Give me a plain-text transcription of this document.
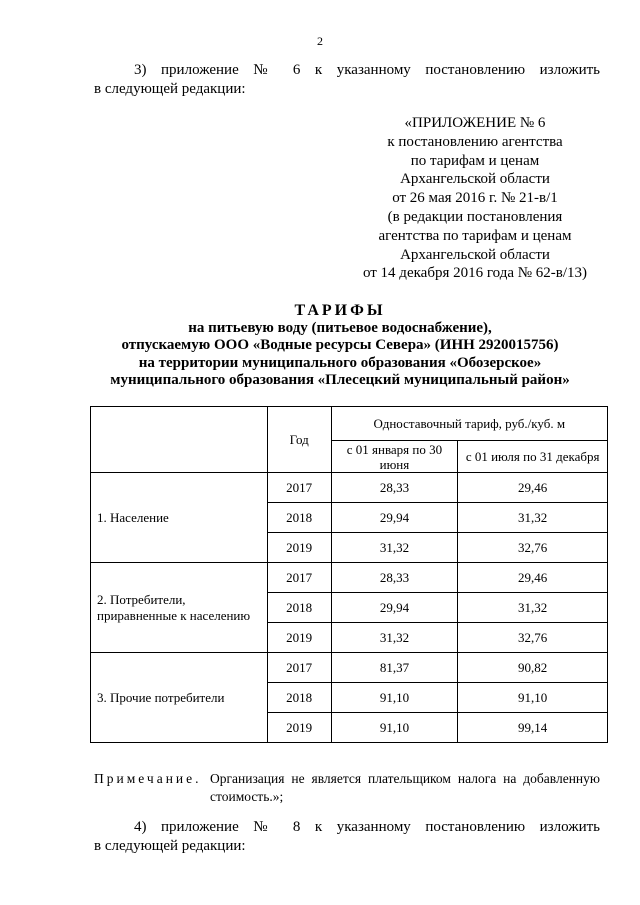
2
3) приложение № 6 к указанному постановлению изложить
в следующей редакции:
«ПРИЛОЖЕНИЕ № 6
к постановлению агентства
по тарифам и ценам
Архангельской области
от 26 мая 2016 г. № 21-в/1
(в редакции постановления
агентства по тарифам и ценам
Архангельской области
от 14 декабря 2016 года № 62-в/13)
ТАРИФЫ
на питьевую воду (питьевое водоснабжение),
отпускаемую ООО «Водные ресурсы Севера» (ИНН 2920015756)
на территории муниципального образования «Обозерское»
муниципального образования «Плесецкий муниципальный район»
	Год	Одноставочный тариф, руб./куб. м	
		с 01 января по 30 июня	с 01 июля по 31 декабря
1. Население	2017	28,33	29,46
	2018	29,94	31,32
	2019	31,32	32,76
2. Потребители, приравненные к населению	2017	28,33	29,46
	2018	29,94	31,32
	2019	31,32	32,76
3. Прочие потребители	2017	81,37	90,82
	2018	91,10	91,10
	2019	91,10	99,14
Примечание. Организация не является плательщиком налога на добавленную
стоимость.»;
4) приложение № 8 к указанному постановлению изложить
в следующей редакции:
